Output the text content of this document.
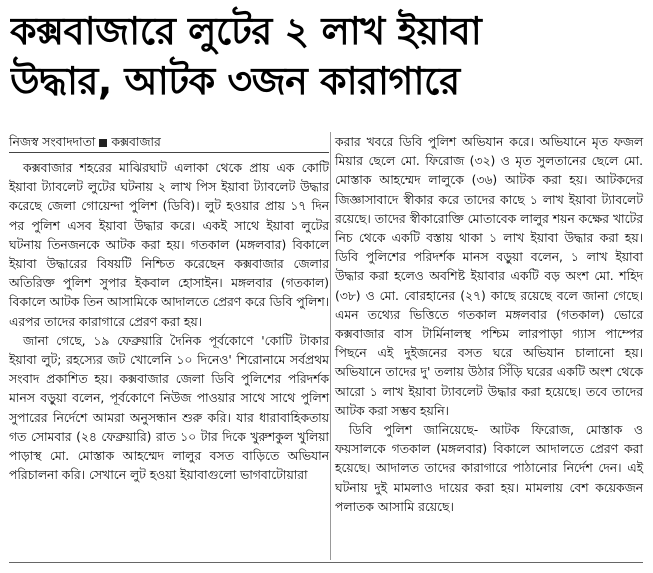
কক্সবাজারে লুটের ২ লাখ ইয়াবা
উদ্ধার, আটক ৩জন কারাগারে
নিজস্ব সংবাদদাতা কক্সবাজার

কক্সবাজার শহরের মাঝিরঘাট এলাকা থেকে প্রায় এক কোটি ইয়াবা ট্যাবলেট লুটের ঘটনায় ২ লাখ পিস ইয়াবা ট্যাবলেট উদ্ধার করেছে জেলা গোয়েন্দা পুলিশ (ডিবি)। লুট হওয়ার প্রায় ১৭ দিন পর পুলিশ এসব ইয়াবা উদ্ধার করে। একই সাথে ইয়াবা লুটের ঘটনায় তিনজনকে আটক করা হয়। গতকাল (মঙ্গলবার) বিকালে ইয়াবা উদ্ধারের বিষয়টি নিশ্চিত করেছেন কক্সবাজার জেলার অতিরিক্ত পুলিশ সুপার ইকবাল হোসাইন। মঙ্গলবার (গতকাল) বিকালে আটক তিন আসামিকে আদালতে প্রেরণ করে ডিবি পুলিশ। এরপর তাদের কারাগারে প্রেরণ করা হয়।

জানা গেছে, ১৯ ফেব্রুয়ারি দৈনিক পূর্বকোণে 'কোটি টাকার ইয়াবা লুট; রহস্যের জট খোলেনি ১০ দিনেও' শিরোনামে সর্বপ্রথম সংবাদ প্রকাশিত হয়। কক্সবাজার জেলা ডিবি পুলিশের পরিদর্শক মানস বড়ুয়া বলেন, পূর্বকোণে নিউজ পাওয়ার সাথে সাথে পুলিশ সুপারের নির্দেশে আমরা অনুসন্ধান শুরু করি। যার ধারাবাহিকতায় গত সোমবার (২৪ ফেব্রুয়ারি) রাত ১০ টার দিকে খুরুশকুল খুলিয়া পাড়াস্থ মো. মোস্তাক আহম্মেদ লালুর বসত বাড়িতে অভিযান পরিচালনা করি। সেখানে লুট হওয়া ইয়াবাগুলো ভাগবাটোয়ারা

করার খবরে ডিবি পুলিশ অভিযান করে। অভিযানে মৃত ফজল মিয়ার ছেলে মো. ফিরোজ (৩২) ও মৃত সুলতানের ছেলে মো. মোস্তাক আহম্মেদ লালুকে (৩৬) আটক করা হয়। আটকদের জিজ্ঞাসাবাদে স্বীকার করে তাদের কাছে ১ লাখ ইয়াবা ট্যাবলেট রয়েছে। তাদের স্বীকারোক্তি মোতাবেক লালুর শয়ন কক্ষের খাটের নিচ থেকে একটি বস্তায় থাকা ১ লাখ ইয়াবা উদ্ধার করা হয়। ডিবি পুলিশের পরিদর্শক মানস বড়ুয়া বলেন, ১ লাখ ইয়াবা উদ্ধার করা হলেও অবশিষ্ট ইয়াবার একটি বড় অংশ মো. শহিদ (৩৮) ও মো. বোরহানের (২৭) কাছে রয়েছে বলে জানা গেছে। এমন তথ্যের ভিত্তিতে গতকাল মঙ্গলবার (গতকাল) ভোরে কক্সবাজার বাস টার্মিনালস্থ পশ্চিম লারপাড়া গ্যাস পাম্পের পিছনে এই দুইজনের বসত ঘরে অভিযান চালানো হয়। অভিযানে তাদের দু' তলায় উঠার সিঁড়ি ঘরের একটি অংশ থেকে আরো ১ লাখ ইয়াবা ট্যাবলেট উদ্ধার করা হয়েছে। তবে তাদের আটক করা সম্ভব হয়নি।

ডিবি পুলিশ জানিয়েছে- আটক ফিরোজ, মোস্তাক ও ফয়সালকে গতকাল (মঙ্গলবার) বিকালে আদালতে প্রেরণ করা হয়েছে। আদালত তাদের কারাগারে পাঠানোর নির্দেশ দেন। এই ঘটনায় দুই মামলাও দায়ের করা হয়। মামলায় বেশ কয়েকজন পলাতক আসামি রয়েছে।
